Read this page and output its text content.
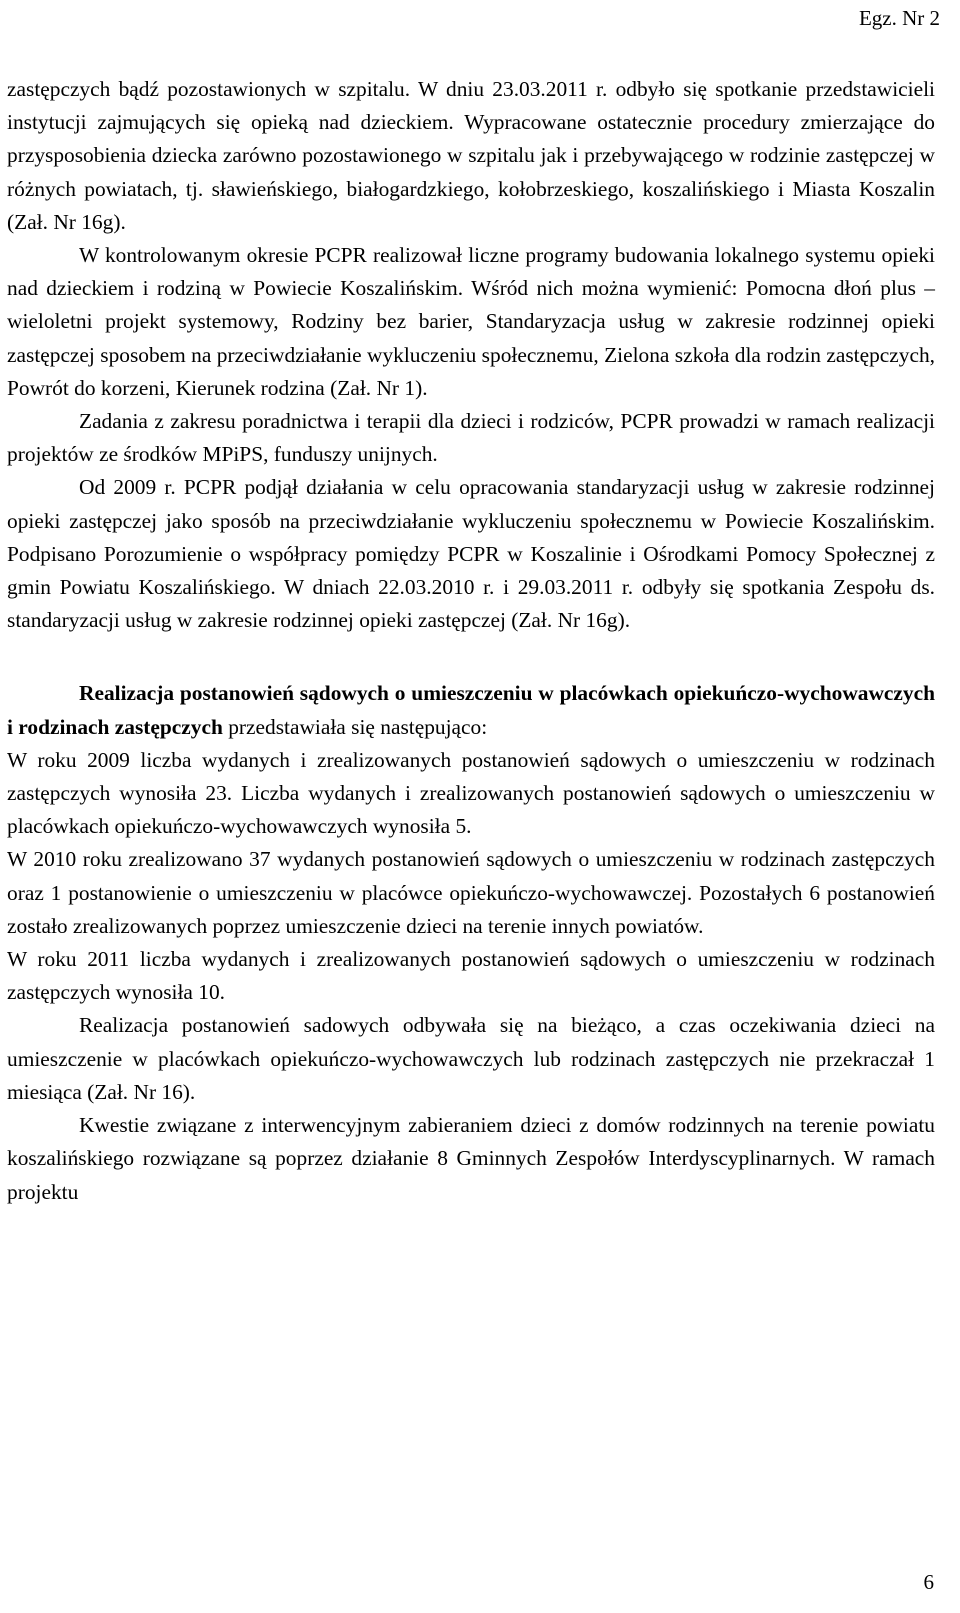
Egz. Nr 2

zastępczych bądź pozostawionych w szpitalu. W dniu 23.03.2011 r. odbyło się spotkanie przedstawicieli instytucji zajmujących się opieką nad dzieckiem. Wypracowane ostatecznie procedury zmierzające do przysposobienia dziecka zarówno pozostawionego w szpitalu jak i przebywającego w rodzinie zastępczej w różnych powiatach, tj. sławieńskiego, białogardzkiego, kołobrzeskiego, koszalińskiego i Miasta Koszalin (Zał. Nr 16g).

W kontrolowanym okresie PCPR realizował liczne programy budowania lokalnego systemu opieki nad dzieckiem i rodziną w Powiecie Koszalińskim. Wśród nich można wymienić: Pomocna dłoń plus – wieloletni projekt systemowy, Rodziny bez barier, Standaryzacja usług w zakresie rodzinnej opieki zastępczej sposobem na przeciwdziałanie wykluczeniu społecznemu, Zielona szkoła dla rodzin zastępczych, Powrót do korzeni, Kierunek rodzina (Zał. Nr 1).

Zadania z zakresu poradnictwa i terapii dla dzieci i rodziców, PCPR prowadzi w ramach realizacji projektów ze środków MPiPS, funduszy unijnych.

Od 2009 r. PCPR podjął działania w celu opracowania standaryzacji usług w zakresie rodzinnej opieki zastępczej jako sposób na przeciwdziałanie wykluczeniu społecznemu w Powiecie Koszalińskim. Podpisano Porozumienie o współpracy pomiędzy PCPR w Koszalinie i Ośrodkami Pomocy Społecznej z gmin Powiatu Koszalińskiego. W dniach 22.03.2010 r. i 29.03.2011 r. odbyły się spotkania Zespołu ds. standaryzacji usług w zakresie rodzinnej opieki zastępczej (Zał. Nr 16g).

Realizacja postanowień sądowych o umieszczeniu w placówkach opiekuńczo-wychowawczych i rodzinach zastępczych przedstawiała się następująco:

W roku 2009 liczba wydanych i zrealizowanych postanowień sądowych o umieszczeniu w rodzinach zastępczych wynosiła 23. Liczba wydanych i zrealizowanych postanowień sądowych o umieszczeniu w placówkach opiekuńczo-wychowawczych wynosiła 5.

W 2010 roku zrealizowano 37 wydanych postanowień sądowych o umieszczeniu w rodzinach zastępczych oraz 1 postanowienie o umieszczeniu w placówce opiekuńczo-wychowawczej. Pozostałych 6 postanowień zostało zrealizowanych poprzez umieszczenie dzieci na terenie innych powiatów.

W roku 2011 liczba wydanych i zrealizowanych postanowień sądowych o umieszczeniu w rodzinach zastępczych wynosiła 10.

Realizacja postanowień sadowych odbywała się na bieżąco, a czas oczekiwania dzieci na umieszczenie w placówkach opiekuńczo-wychowawczych lub rodzinach zastępczych nie przekraczał 1 miesiąca (Zał. Nr 16).

Kwestie związane z interwencyjnym zabieraniem dzieci z domów rodzinnych na terenie powiatu koszalińskiego rozwiązane są poprzez działanie 8 Gminnych Zespołów Interdyscyplinarnych. W ramach projektu

6
